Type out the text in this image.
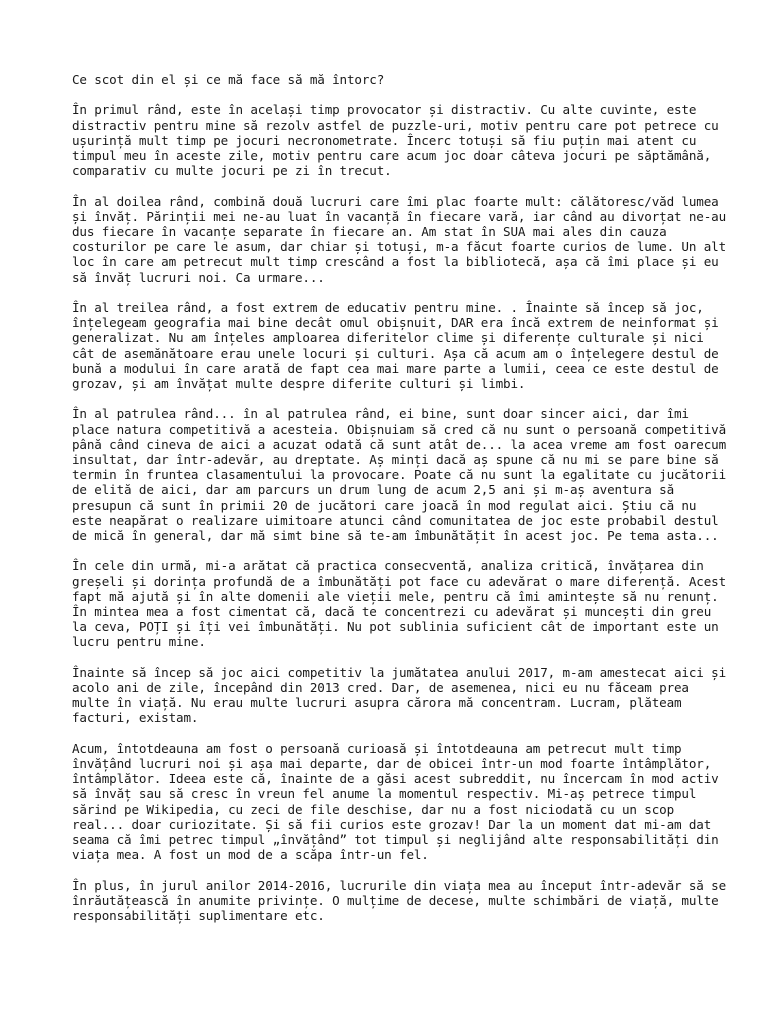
Ce scot din el și ce mă face să mă întorc?

În primul rând, este în același timp provocator și distractiv. Cu alte cuvinte, este distractiv pentru mine să rezolv astfel de puzzle-uri, motiv pentru care pot petrece cu ușurință mult timp pe jocuri necronometrate. Încerc totuși să fiu puțin mai atent cu timpul meu în aceste zile, motiv pentru care acum joc doar câteva jocuri pe săptămână, comparativ cu multe jocuri pe zi în trecut.

În al doilea rând, combină două lucruri care îmi plac foarte mult: călătoresc/văd lumea și învăț. Părinții mei ne-au luat în vacanță în fiecare vară, iar când au divorțat ne-au dus fiecare în vacanțe separate în fiecare an. Am stat în SUA mai ales din cauza costurilor pe care le asum, dar chiar și totuși, m-a făcut foarte curios de lume. Un alt loc în care am petrecut mult timp crescând a fost la bibliotecă, așa că îmi place și eu să învăț lucruri noi. Ca urmare...

În al treilea rând, a fost extrem de educativ pentru mine. . Înainte să încep să joc, înțelegeam geografia mai bine decât omul obișnuit, DAR era încă extrem de neinformat și generalizat. Nu am înțeles amploarea diferitelor clime și diferențe culturale și nici cât de asemănătoare erau unele locuri și culturi. Așa că acum am o înțelegere destul de bună a modului în care arată de fapt cea mai mare parte a lumii, ceea ce este destul de grozav, și am învățat multe despre diferite culturi și limbi.

În al patrulea rând... în al patrulea rând, ei bine, sunt doar sincer aici, dar îmi place natura competitivă a acesteia. Obișnuiam să cred că nu sunt o persoană competitivă până când cineva de aici a acuzat odată că sunt atât de... la acea vreme am fost oarecum insultat, dar într-adevăr, au dreptate. Aș minți dacă aș spune că nu mi se pare bine să termin în fruntea clasamentului la provocare. Poate că nu sunt la egalitate cu jucătorii de elită de aici, dar am parcurs un drum lung de acum 2,5 ani și m-aș aventura să presupun că sunt în primii 20 de jucători care joacă în mod regulat aici. Știu că nu este neapărat o realizare uimitoare atunci când comunitatea de joc este probabil destul de mică în general, dar mă simt bine să te-am îmbunătățit în acest joc. Pe tema asta...

În cele din urmă, mi-a arătat că practica consecventă, analiza critică, învățarea din greșeli și dorința profundă de a îmbunătăți pot face cu adevărat o mare diferență. Acest fapt mă ajută și în alte domenii ale vieții mele, pentru că îmi amintește să nu renunț. În mintea mea a fost cimentat că, dacă te concentrezi cu adevărat și muncești din greu la ceva, POȚI și îți vei îmbunătăți. Nu pot sublinia suficient cât de important este un lucru pentru mine.

Înainte să încep să joc aici competitiv la jumătatea anului 2017, m-am amestecat aici și acolo ani de zile, începând din 2013 cred. Dar, de asemenea, nici eu nu făceam prea multe în viață. Nu erau multe lucruri asupra cărora mă concentram. Lucram, plăteam facturi, existam.

Acum, întotdeauna am fost o persoană curioasă și întotdeauna am petrecut mult timp învățând lucruri noi și așa mai departe, dar de obicei într-un mod foarte întâmplător, întâmplător. Ideea este că, înainte de a găsi acest subreddit, nu încercam în mod activ să învăț sau să cresc în vreun fel anume la momentul respectiv. Mi-aș petrece timpul sărind pe Wikipedia, cu zeci de file deschise, dar nu a fost niciodată cu un scop real... doar curiozitate. Și să fii curios este grozav! Dar la un moment dat mi-am dat seama că îmi petrec timpul „învățând” tot timpul și neglijând alte responsabilități din viața mea. A fost un mod de a scăpa într-un fel.

În plus, în jurul anilor 2014-2016, lucrurile din viața mea au început într-adevăr să se înrăutățească în anumite privințe. O mulțime de decese, multe schimbări de viață, multe responsabilități suplimentare etc.
